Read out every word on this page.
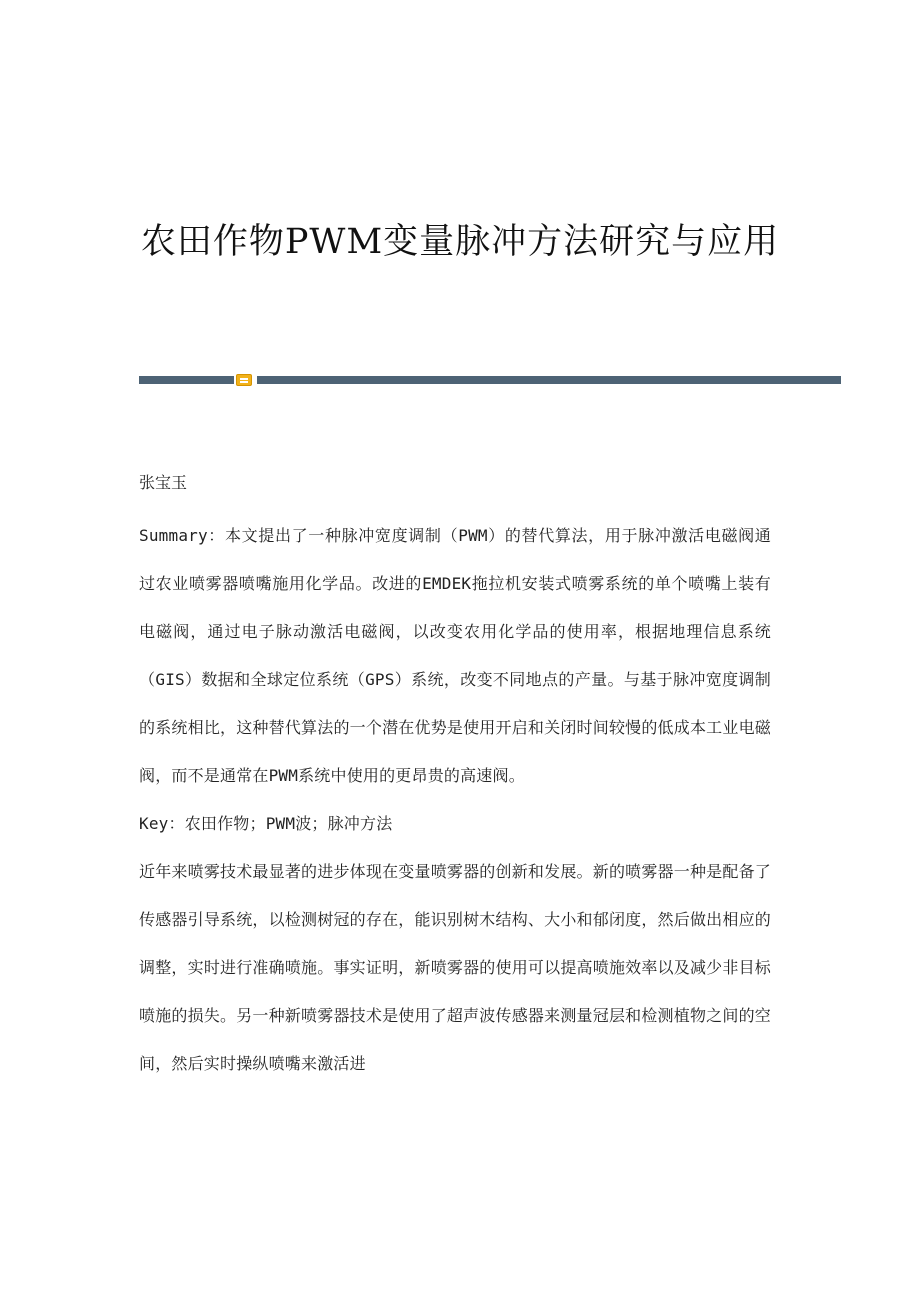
农田作物PWM变量脉冲方法研究与应用

张宝玉

Summary：本文提出了一种脉冲宽度调制（PWM）的替代算法，用于脉冲激活电磁阀通过农业喷雾器喷嘴施用化学品。改进的EMDEK拖拉机安装式喷雾系统的单个喷嘴上装有电磁阀，通过电子脉动激活电磁阀，以改变农用化学品的使用率，根据地理信息系统（GIS）数据和全球定位系统（GPS）系统，改变不同地点的产量。与基于脉冲宽度调制的系统相比，这种替代算法的一个潜在优势是使用开启和关闭时间较慢的低成本工业电磁阀，而不是通常在PWM系统中使用的更昂贵的高速阀。

Key：农田作物；PWM波；脉冲方法

近年来喷雾技术最显著的进步体现在变量喷雾器的创新和发展。新的喷雾器一种是配备了传感器引导系统，以检测树冠的存在，能识别树木结构、大小和郁闭度，然后做出相应的调整，实时进行准确喷施。事实证明，新喷雾器的使用可以提高喷施效率以及减少非目标喷施的损失。另一种新喷雾器技术是使用了超声波传感器来测量冠层和检测植物之间的空间，然后实时操纵喷嘴来激活进
